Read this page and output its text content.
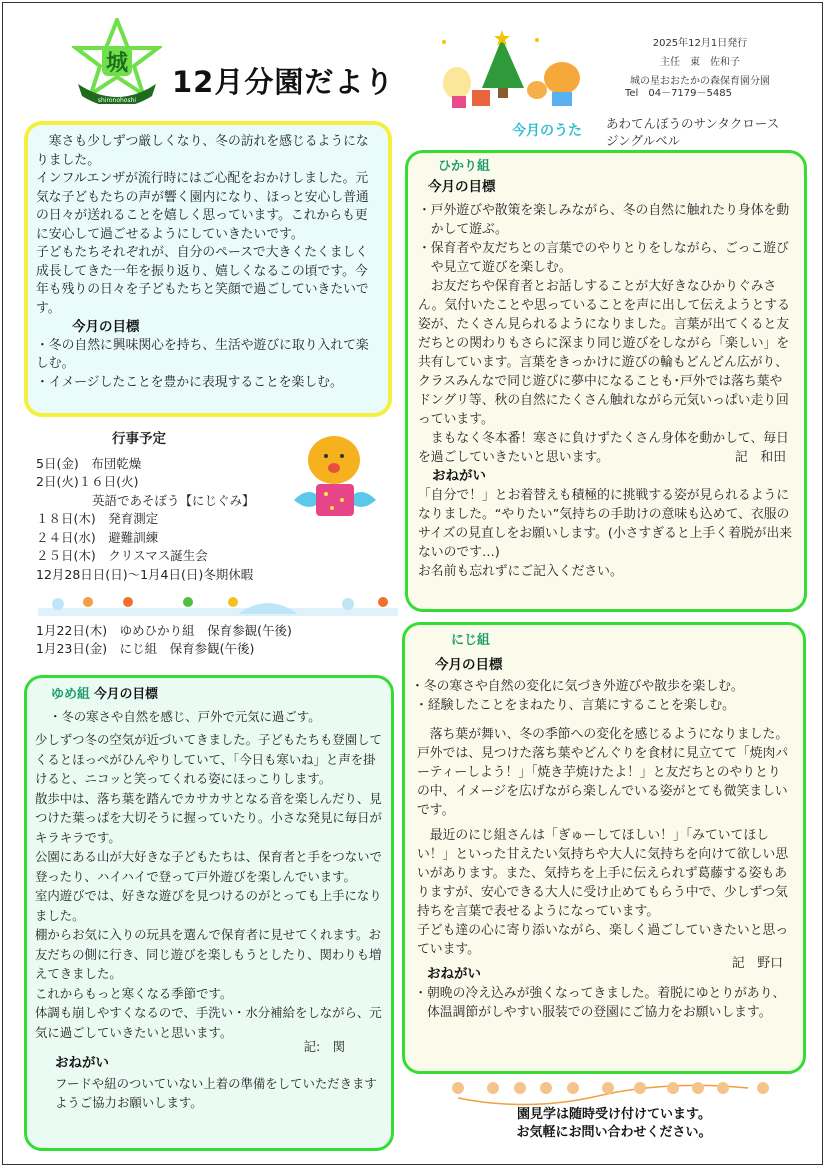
城
shironohoshi
12月分園だより
2025年12月1日発行
主任　東　佐和子
城の星おおたかの森保育園分園
Tel　04－7179－5485
今月のうた あわてんぼうのサンタクロース
ジングルベル

　寒さも少しずつ厳しくなり、冬の訪れを感じるようになりました。

インフルエンザが流行時にはご心配をおかけしました。元気な子どもたちの声が響く園内になり、ほっと安心し普通の日々が送れることを嬉しく思っています。これからも更に安心して過ごせるようにしていきたいです。

子どもたちそれぞれが、自分のペースで大きくたくましく成長してきた一年を振り返り、嬉しくなるこの頃です。今年も残りの日々を子どもたちと笑顔で過ごしていきたいです。

今月の目標

・冬の自然に興味関心を持ち、生活や遊びに取り入れて楽しむ。

・イメージしたことを豊かに表現することを楽しむ。

行事予定
5日(金)　布団乾燥
2日(火)１６日(火)
英語であそぼう【にじぐみ】
１８日(木)　発育測定
２４日(水)　避難訓練
２５日(木)　クリスマス誕生会
12月28日日(日)～1月4日(日)冬期休暇
1月22日(木)　ゆめひかり組　保育参観(午後)
1月23日(金)　にじ組　保育参観(午後)

ひかり組

今月の目標

・戸外遊びや散策を楽しみながら、冬の自然に触れたり身体を動かして遊ぶ。

・保育者や友だちとの言葉でのやりとりをしながら、ごっこ遊びや見立て遊びを楽しむ。

お友だちや保育者とお話しすることが大好きなひかりぐみさん。気付いたことや思っていることを声に出して伝えようとする姿が、たくさん見られるようになりました。言葉が出てくると友だちとの関わりもさらに深まり同じ遊びをしながら「楽しい」を共有しています。言葉をきっかけに遊びの輪もどんどん広がり、クラスみんなで同じ遊びに夢中になることも･戸外では落ち葉やドングリ等、秋の自然にたくさん触れながら元気いっぱい走り回っています。

まもなく冬本番！寒さに負けずたくさん身体を動かして、毎日を過ごしていきたいと思います。	記　和田

おねがい

「自分で！」とお着替えも積極的に挑戦する姿が見られるようになりました。“やりたい”気持ちの手助けの意味も込めて、衣服のサイズの見直しをお願いします。(小さすぎると上手く着脱が出来ないのです…)

お名前も忘れずにご記入ください。

にじ組

今月の目標

・冬の寒さや自然の変化に気づき外遊びや散歩を楽しむ。

・経験したことをまねたり、言葉にすることを楽しむ。

落ち葉が舞い、冬の季節への変化を感じるようになりました。戸外では、見つけた落ち葉やどんぐりを食材に見立てて「焼肉パーティーしよう！」「焼き芋焼けたよ！」と友だちとのやりとりの中、イメージを広げながら楽しんでいる姿がとても微笑ましいです。

最近のにじ組さんは「ぎゅーしてほしい！」「みていてほしい！」といった甘えたい気持ちや大人に気持ちを向けて欲しい思いがあります。また、気持ちを上手に伝えられず葛藤する姿もありますが、安心できる大人に受け止めてもらう中で、少しずつ気持ちを言葉で表せるようになっています。

子ども達の心に寄り添いながら、楽しく過ごしていきたいと思っています。

記　野口

おねがい

・朝晩の冷え込みが強くなってきました。着脱にゆとりがあり、体温調節がしやすい服装での登園にご協力をお願いします。

ゆめ組 今月の目標

・冬の寒さや自然を感じ、戸外で元気に過ごす。

少しずつ冬の空気が近づいてきました。子どもたちも登園してくるとほっぺがひんやりしていて、「今日も寒いね」と声を掛けると、ニコッと笑ってくれる姿にほっこりします。

散歩中は、落ち葉を踏んでカサカサとなる音を楽しんだり、見つけた葉っぱを大切そうに握っていたり。小さな発見に毎日がキラキラです。

公園にある山が大好きな子どもたちは、保育者と手をつないで登ったり、ハイハイで登って戸外遊びを楽しんでいます。

室内遊びでは、好きな遊びを見つけるのがとっても上手になりました。

棚からお気に入りの玩具を選んで保育者に見せてくれます。お友だちの側に行き、同じ遊びを楽しもうとしたり、関わりも増えてきました。

これからもっと寒くなる季節です。

体調も崩しやすくなるので、手洗い・水分補給をしながら、元気に過ごしていきたいと思います。

記:　関

おねがい

フードや紐のついていない上着の準備をしていただきますようご協力お願いします。

園見学は随時受け付けています。
お気軽にお問い合わせください。
